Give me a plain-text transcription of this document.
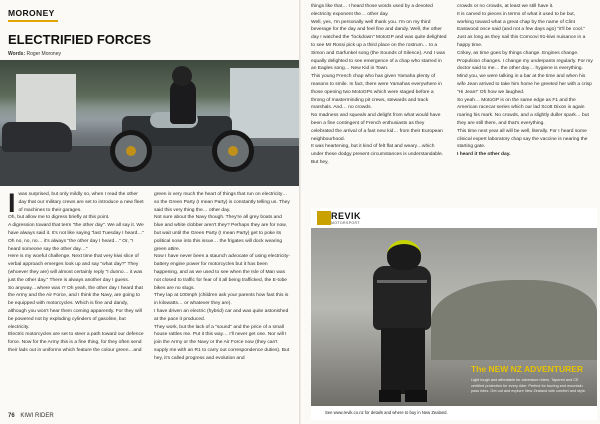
MORONEY
ELECTRIFIED FORCES
Words: Roger Moroney
If this is what the NZ Army is going to be issued… we're in
I was surprised, but only mildly so, when I read the other day that our military crews are set to introduce a new fleet of machines to their garages.

Oh, but allow me to digress briefly at this point.

A digression toward that term "the other day". We all say it. We have always said it. It's not like saying "last Tuesday I heard…" Oh no, no, no… it's always "the other day I heard…" Or, "I heard someone say the other day…"

Here is my woeful challenge. Next time that very kiwi slice of verbal approach emerges look up and say "what day?" They (whoever they are) will almost certainly reply "I dunno… it was just the other day." There is always another day I guess.

So anyway…where was I? Oh yeah, the other day I heard that the Army and the Air Force, and I think the Navy, are going to be equipped with motorcycles. Which is fine and dandy, although you won't hear them coming apparently. For they will be powered not by exploding cylinders of gasoline, but electricity.

Electric motorcycles are set to steer a path toward our defence force. Now for the Army this is a fine thing, for they often send their lads out in uniforms which feature the colour green…and

green is very much the heart of things that run on electricity…so the Green Party (I mean Party) is constantly telling us. They said this very thing the… other day.

Not sure about the Navy though. They're all grey boats and blue and white clobber aren't they? Perhaps they are for now, but wait until the Green Party (I mean Party) get to poke its political nose into this issue… the frigates will dock wearing green attire.

Now I have never been a staunch advocate of using electricity-battery engine power for motorcycles but it has been happening, and as we used to see when the Isle of Man was not closed to traffic for fear of it all being trafficked, the E-tobe bikes are no slugs.

They lap at 100mph (children ask your parents how fast this is in kilowatts… or whatever they are).

I have driven an electric (hybrid) car and was quite astonished at the pace it produced.

They work, but the lack of a "sound" and the price of a small house rattles me. Put it this way… I'll never get one. Nor will I join the Army or the Navy or the Air Force now (they can't supply me with an R1 to carry out correspondence duties). But hey, it's called progress and evolution and

76 KIWI RIDER

things like that… I heard those words used by a devoted electricity exponent the… other day.

Well, yes, I'm personally well thank you. I'm on my third beverage for the day and feel fine and dandy. Well, the other day I watched the "lockdown" MotoGP and was quite delighted to see Mr Rossi pick up a third place on the rostrum… to a Simon and Garfunkel song (the Sounds of Silence). And I was equally delighted to see emergence of a chap who starred in an Eagles song… New Kid in Town.

This young French chap who has given Yamaha plenty of reasons to smile. In fact, there were Yamahas everywhere in those opening two MotoGPs which were staged before a throng of masterminding pit crews, stewards and track marshals. And… no crowds.

No madness and squeals and delight from what would have been a fine contingent of French enthusiasts as they celebrated the arrival of a fast new kid… from their European neighbourhood.

It was heartening, but it kind of felt flat and weary…which under these dodgy present circumstances is understandable. But hey,

crowds or no crowds, at least we still have it.

It is carved to pieces in terms of what it used to be but, working toward what a great chap by the name of Clint Eastwood once said (and not a few days ago) "it'll be cool."

Just as long as they nail this Comcovi 91-kiwi nuisance in a happy time.

Crikey, as time goes by things change. Engines change. Propulsion changes. I change my underpants regularly. For my doctor said to me… the other day… hygiene is everything. Mind you, we were talking in a bar at the time and when his wife Jean arrived to take him home he greeted her with a crisp "Hi Jean!" Oh how we laughed.

So yeah… MotoGP is on the same edge as F1 and the American racecar series which our lad Scott Dixon is again roaring his mark. No crowds, and a slightly duller spark… but they are still there, and that's everything.

This time next year all will be well, literally. For I heard some clinical expert laboratory chap say the vaccine is nearing the starting gate.

I heard it the other day.

REVIK
MOTORSPORT
The NEW NZ ADVENTURER
Light tough and affordable for adventure riders. Tapered and CE certified protection for every rider. Perfect for touring and mountain pass rides. Get out and explore New Zealand with comfort and style.
See www.revik.co.nz for details and where to buy in New Zealand.
